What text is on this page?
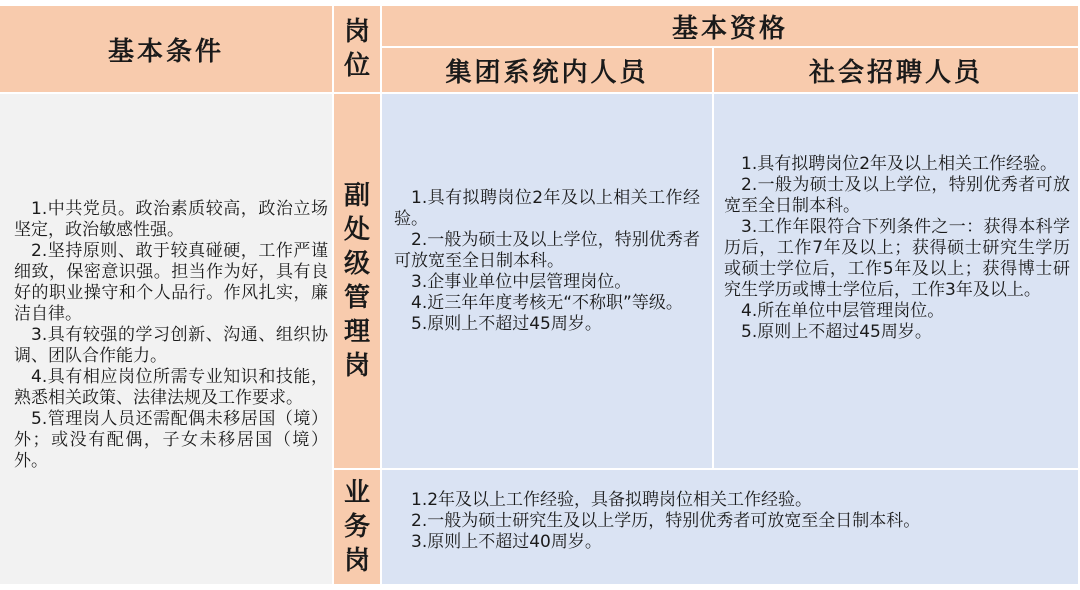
基本条件
岗位
基本资格
集团系统内人员	社会招聘人员

1.中共党员。政治素质较高，政治立场坚定，政治敏感性强。

2.坚持原则、敢于较真碰硬，工作严谨细致，保密意识强。担当作为好，具有良好的职业操守和个人品行。作风扎实，廉洁自律。

3.具有较强的学习创新、沟通、组织协调、团队合作能力。

4.具有相应岗位所需专业知识和技能，熟悉相关政策、法律法规及工作要求。

5.管理岗人员还需配偶未移居国（境）外；或没有配偶，子女未移居国（境）外。

副处级管理岗

1.具有拟聘岗位2年及以上相关工作经验。

2.一般为硕士及以上学位，特别优秀者可放宽至全日制本科。

3.企事业单位中层管理岗位。

4.近三年年度考核无“不称职”等级。

5.原则上不超过45周岁。

1.具有拟聘岗位2年及以上相关工作经验。

2.一般为硕士及以上学位，特别优秀者可放宽至全日制本科。

3.工作年限符合下列条件之一：获得本科学历后，工作7年及以上；获得硕士研究生学历或硕士学位后，工作5年及以上；获得博士研究生学历或博士学位后，工作3年及以上。

4.所在单位中层管理岗位。

5.原则上不超过45周岁。

业务岗

1.2年及以上工作经验，具备拟聘岗位相关工作经验。

2.一般为硕士研究生及以上学历，特别优秀者可放宽至全日制本科。

3.原则上不超过40周岁。
